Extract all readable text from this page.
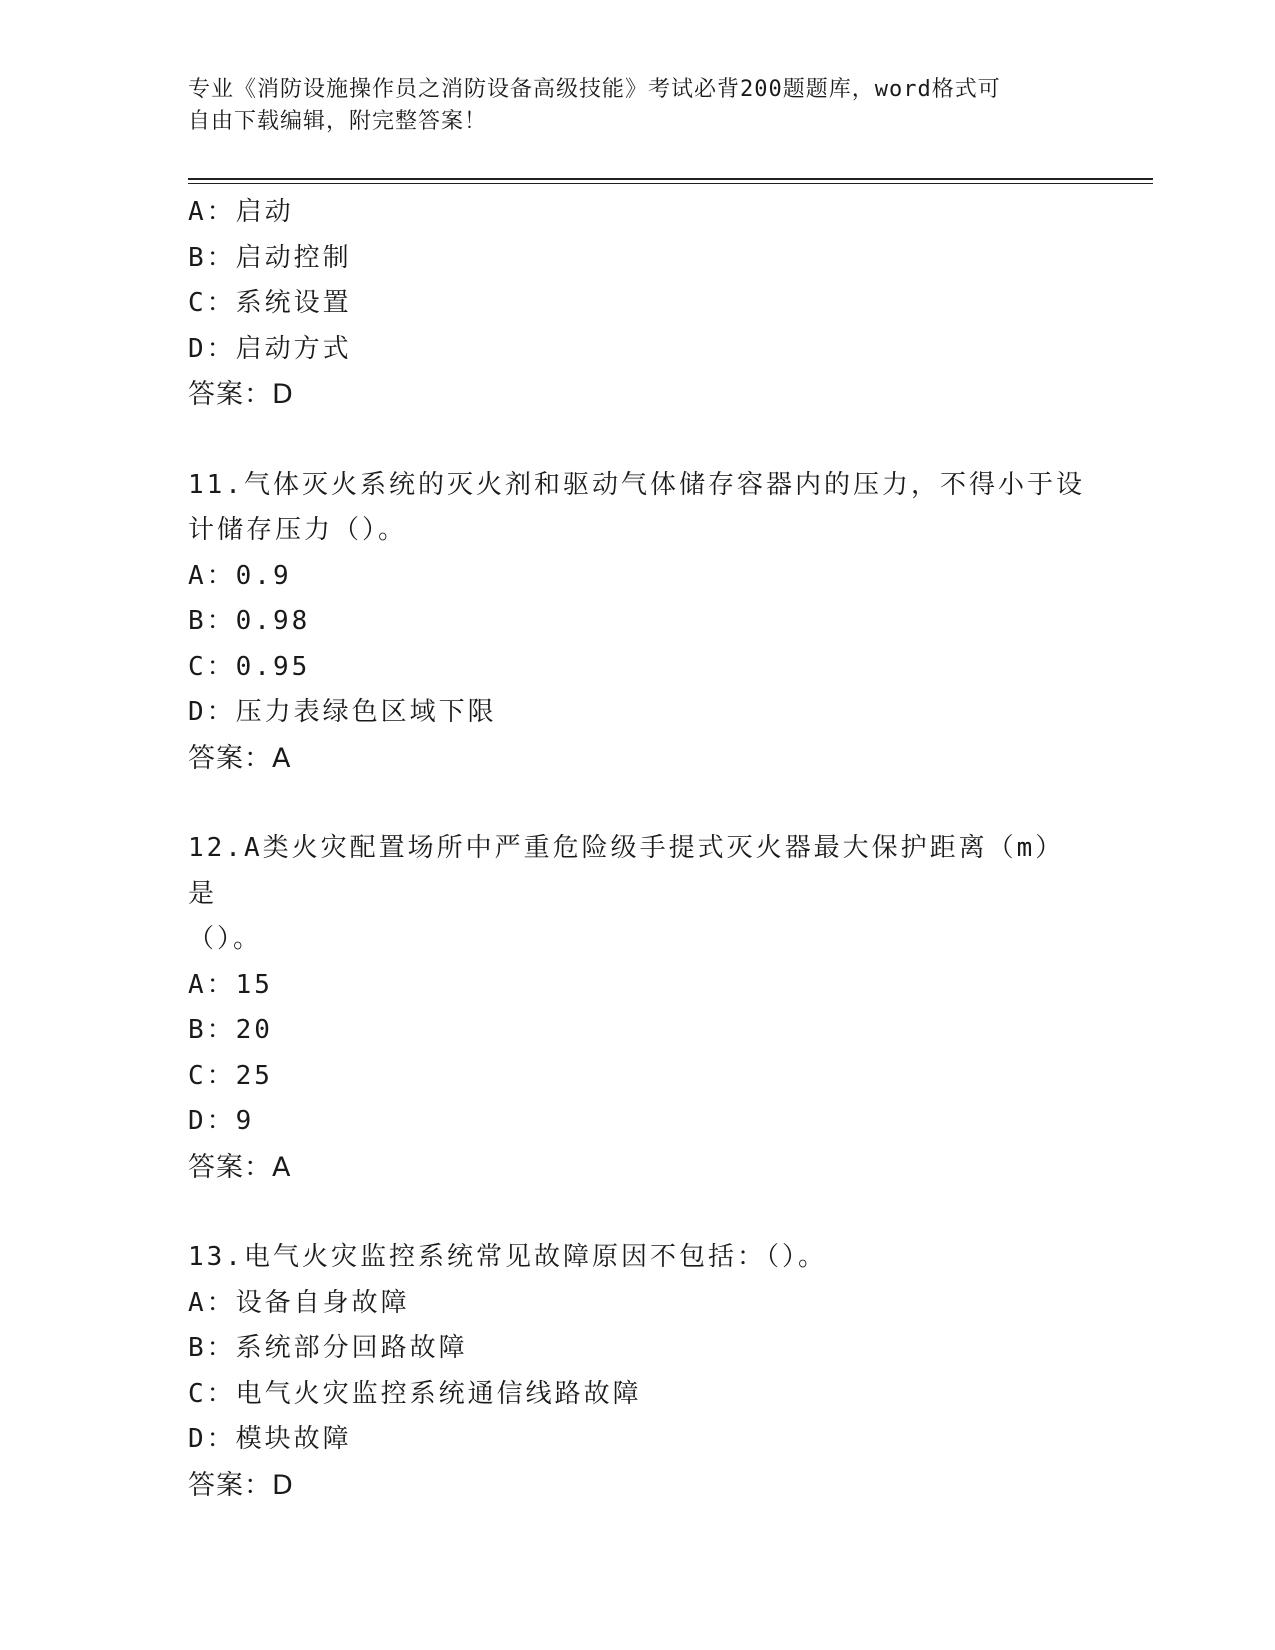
专业《消防设施操作员之消防设备高级技能》考试必背200题题库，word格式可
自由下载编辑，附完整答案！
A：启动
B：启动控制
C：系统设置
D：启动方式
答案：D
11.气体灭火系统的灭火剂和驱动气体储存容器内的压力，不得小于设
计储存压力（）。
A：0.9
B：0.98
C：0.95
D：压力表绿色区域下限
答案：A
12.A类火灾配置场所中严重危险级手提式灭火器最大保护距离（m）是
（）。
A：15
B：20
C：25
D：9
答案：A
13.电气火灾监控系统常见故障原因不包括：（）。
A：设备自身故障
B：系统部分回路故障
C：电气火灾监控系统通信线路故障
D：模块故障
答案：D
